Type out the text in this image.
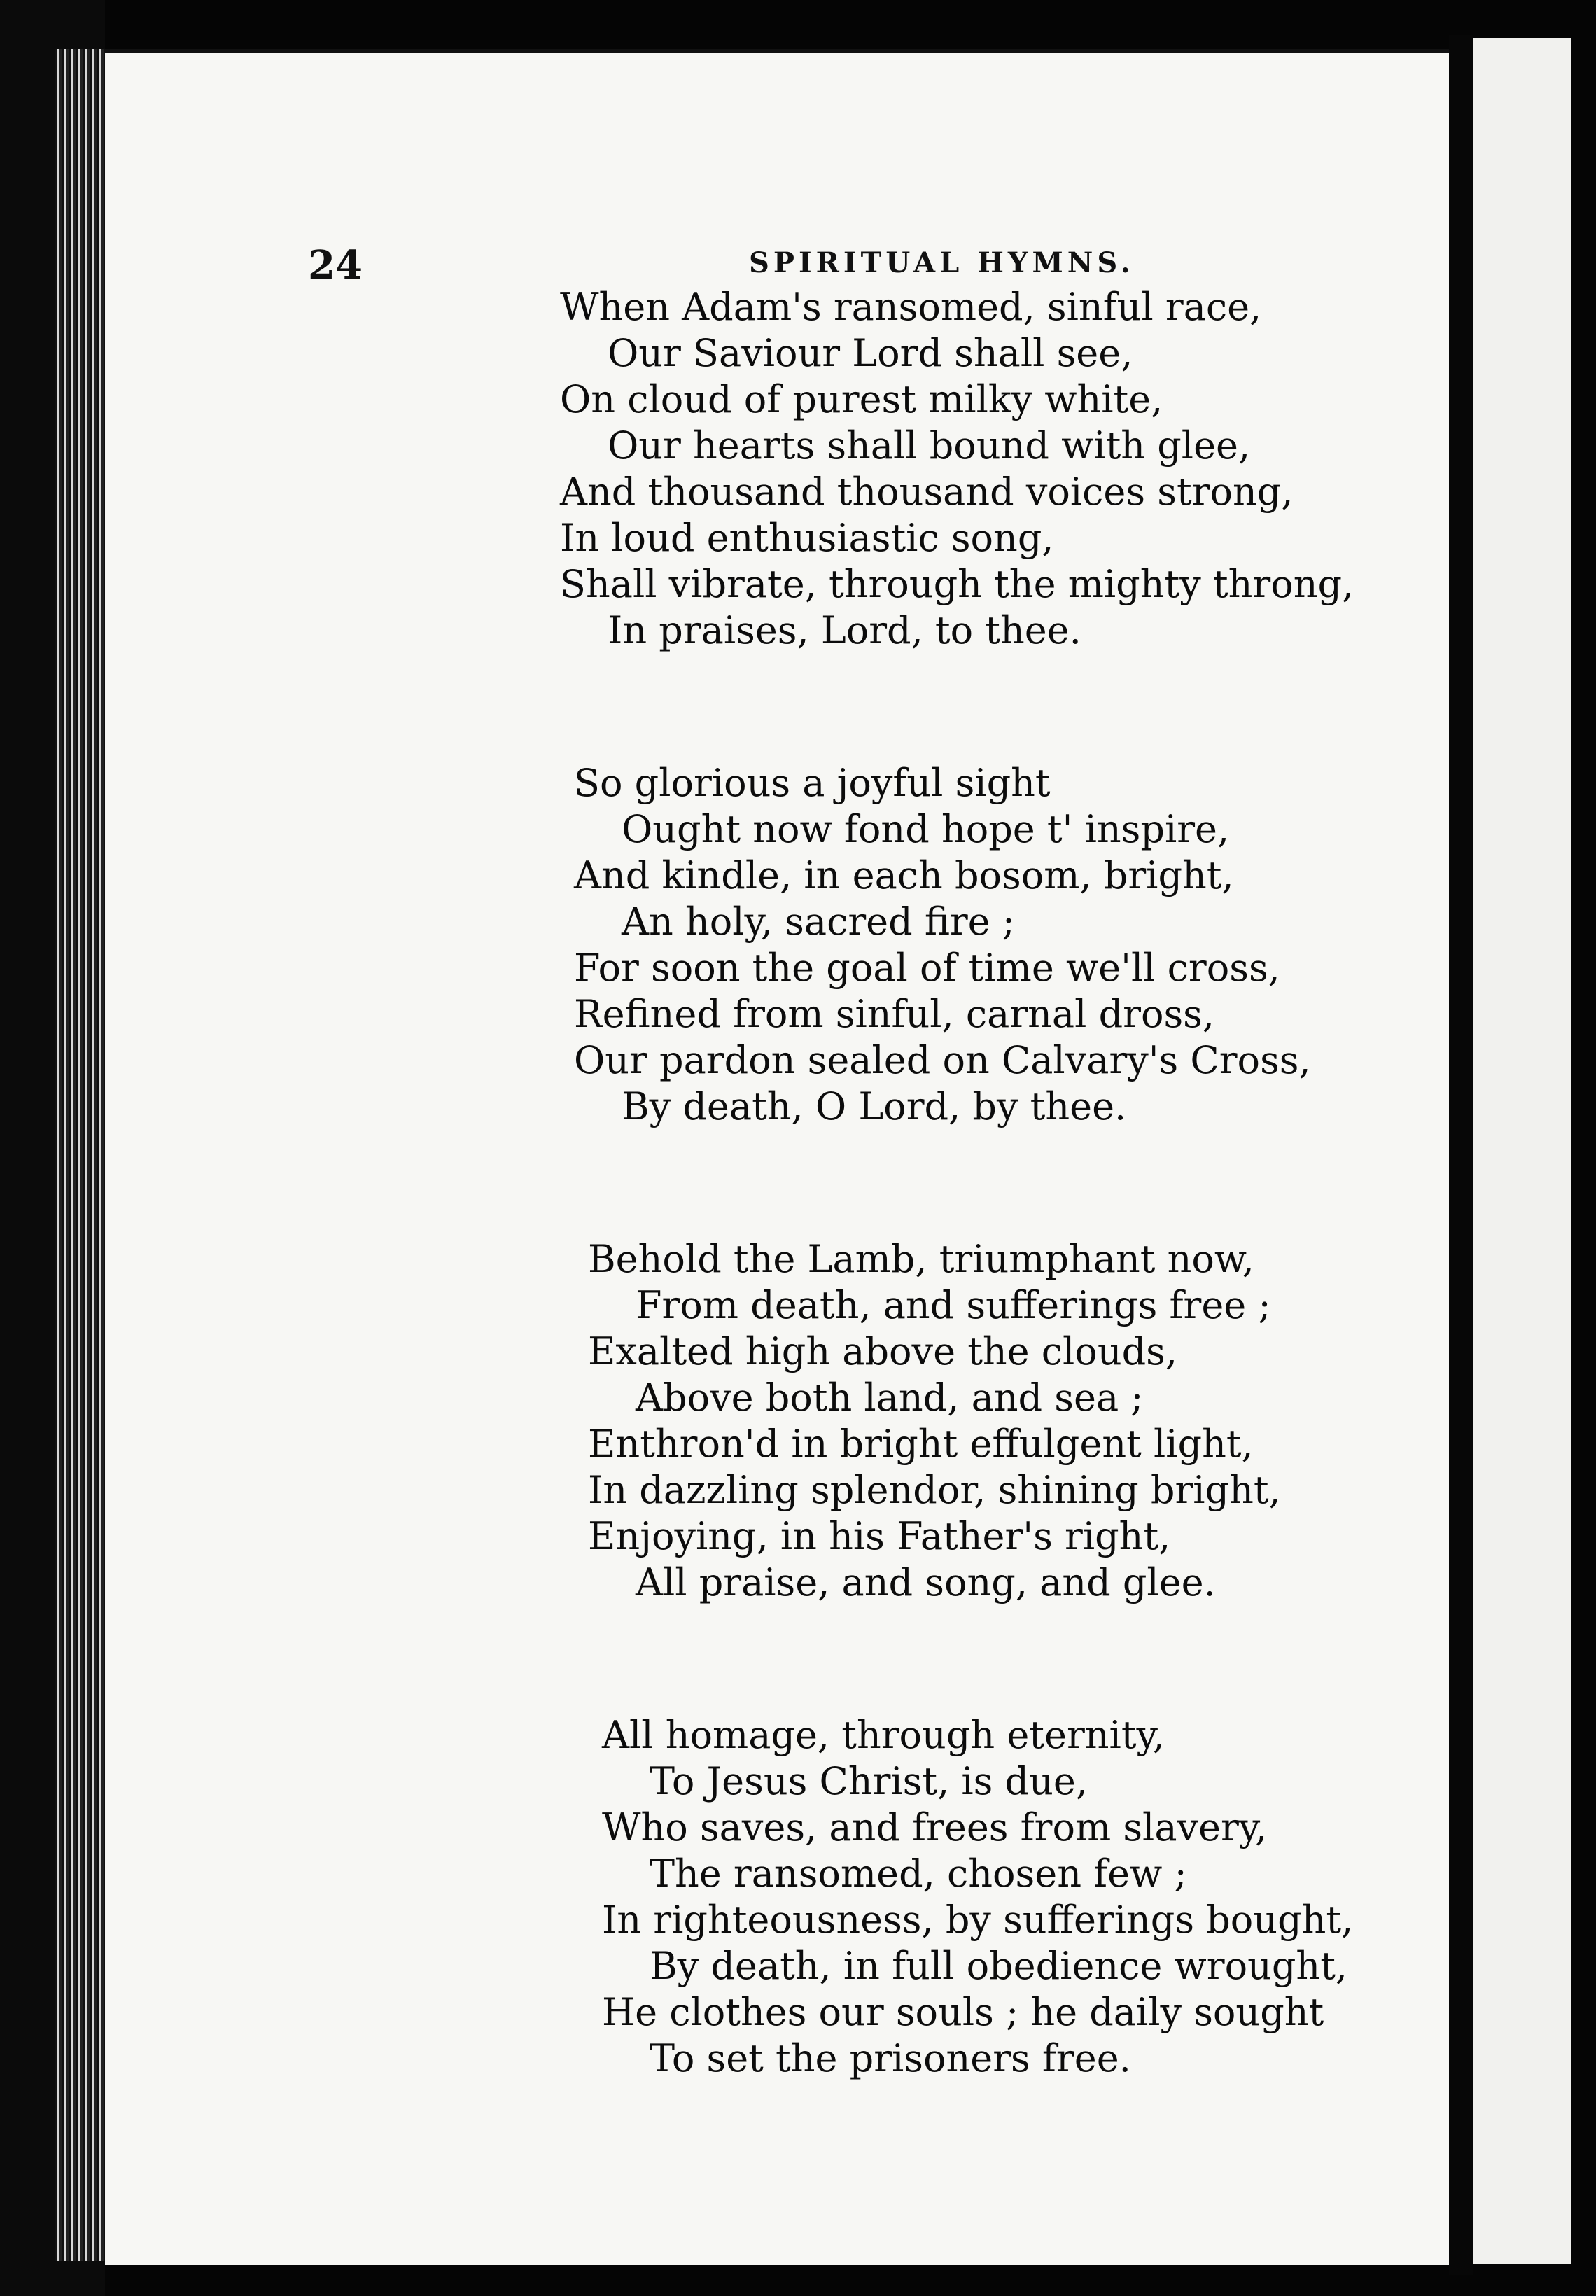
24	SPIRITUAL HYMNS.
When Adam's ransomed, sinful race,
Our Saviour Lord shall see,
On cloud of purest milky white,
Our hearts shall bound with glee,
And thousand thousand voices strong,
In loud enthusiastic song,
Shall vibrate, through the mighty throng,
In praises, Lord, to thee.
So glorious a joyful sight
Ought now fond hope t' inspire,
And kindle, in each bosom, bright,
An holy, sacred fire ;
For soon the goal of time we'll cross,
Refined from sinful, carnal dross,
Our pardon sealed on Calvary's Cross,
By death, O Lord, by thee.
Behold the Lamb, triumphant now,
From death, and sufferings free ;
Exalted high above the clouds,
Above both land, and sea ;
Enthron'd in bright effulgent light,
In dazzling splendor, shining bright,
Enjoying, in his Father's right,
All praise, and song, and glee.
All homage, through eternity,
To Jesus Christ, is due,
Who saves, and frees from slavery,
The ransomed, chosen few ;
In righteousness, by sufferings bought,
By death, in full obedience wrought,
He clothes our souls ; he daily sought
To set the prisoners free.
